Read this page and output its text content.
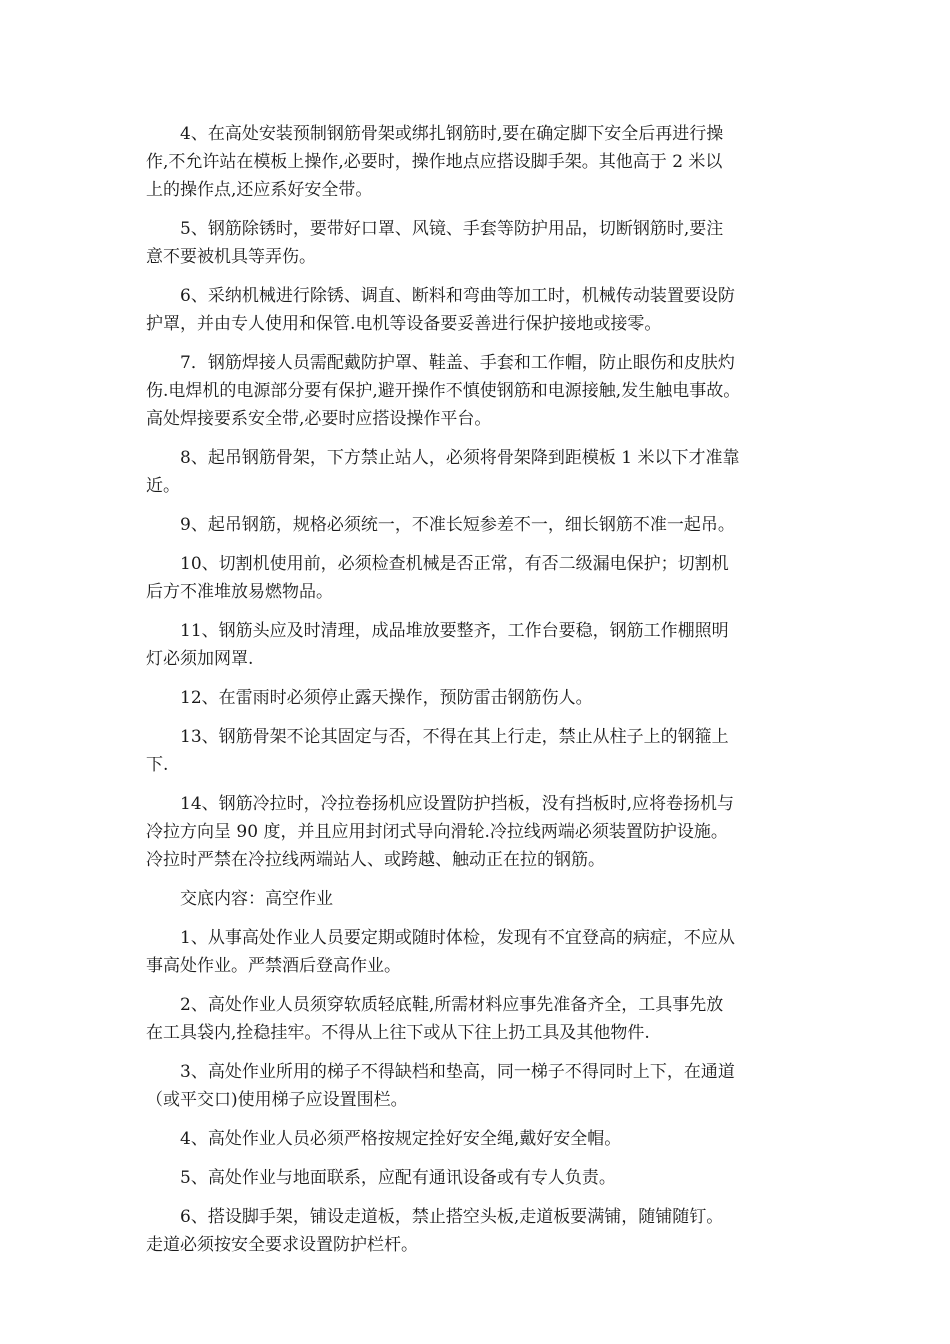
4、在高处安装预制钢筋骨架或绑扎钢筋时,要在确定脚下安全后再进行操
作,不允许站在模板上操作,必要时，操作地点应搭设脚手架。其他高于 2 米以
上的操作点,还应系好安全带。
5、钢筋除锈时，要带好口罩、风镜、手套等防护用品，切断钢筋时,要注
意不要被机具等弄伤。
6、采纳机械进行除锈、调直、断料和弯曲等加工时，机械传动装置要设防
护罩，并由专人使用和保管.电机等设备要妥善进行保护接地或接零。
7．钢筋焊接人员需配戴防护罩、鞋盖、手套和工作帽，防止眼伤和皮肤灼
伤.电焊机的电源部分要有保护,避开操作不慎使钢筋和电源接触,发生触电事故。
高处焊接要系安全带,必要时应搭设操作平台。
8、起吊钢筋骨架，下方禁止站人，必须将骨架降到距模板 1 米以下才准靠
近。
9、起吊钢筋，规格必须统一，不准长短参差不一，细长钢筋不准一起吊。
10、切割机使用前，必须检查机械是否正常，有否二级漏电保护；切割机
后方不准堆放易燃物品。
11、钢筋头应及时清理，成品堆放要整齐，工作台要稳，钢筋工作棚照明
灯必须加网罩.
12、在雷雨时必须停止露天操作，预防雷击钢筋伤人。
13、钢筋骨架不论其固定与否，不得在其上行走，禁止从柱子上的钢箍上
下.
14、钢筋冷拉时，冷拉卷扬机应设置防护挡板，没有挡板时,应将卷扬机与
冷拉方向呈 90 度，并且应用封闭式导向滑轮.冷拉线两端必须装置防护设施。
冷拉时严禁在冷拉线两端站人、或跨越、触动正在拉的钢筋。
交底内容：高空作业
1、从事高处作业人员要定期或随时体检，发现有不宜登高的病症，不应从
事高处作业。严禁酒后登高作业。
2、高处作业人员须穿软质轻底鞋,所需材料应事先准备齐全，工具事先放
在工具袋内,拴稳挂牢。不得从上往下或从下往上扔工具及其他物件.
3、高处作业所用的梯子不得缺档和垫高，同一梯子不得同时上下，在通道
（或平交口)使用梯子应设置围栏。
4、高处作业人员必须严格按规定拴好安全绳,戴好安全帽。
5、高处作业与地面联系，应配有通讯设备或有专人负责。
6、搭设脚手架，铺设走道板，禁止搭空头板,走道板要满铺，随铺随钉。
走道必须按安全要求设置防护栏杆。
